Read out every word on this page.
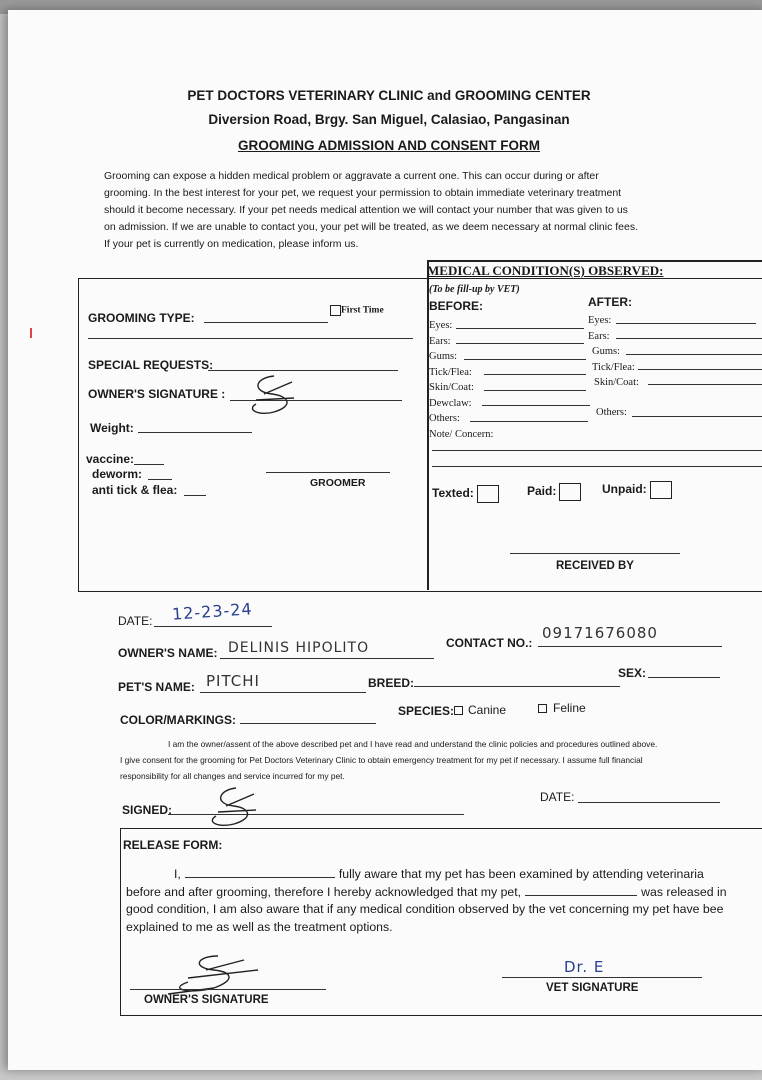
PET DOCTORS VETERINARY CLINIC and GROOMING CENTER
Diversion Road, Brgy. San Miguel, Calasiao, Pangasinan
GROOMING ADMISSION AND CONSENT FORM
Grooming can expose a hidden medical problem or aggravate a current one. This can occur during or after
grooming. In the best interest for your pet, we request your permission to obtain immediate veterinary treatment
should it become necessary. If your pet needs medical attention we will contact your number that was given to us
on admission. If we are unable to contact you, your pet will be treated, as we deem necessary at normal clinic fees.
If your pet is currently on medication, please inform us.
GROOMING TYPE:
First Time
SPECIAL REQUESTS:
OWNER'S SIGNATURE :
Weight:
vaccine:
deworm:
anti tick & flea:	GROOMER
MEDICAL CONDITION(S) OBSERVED:
(To be fill-up by VET)
BEFORE:	AFTER:
Eyes:
Ears:
Gums:
Tick/Flea:
Skin/Coat:
Dewclaw:
Others:
Note/ Concern:
Eyes:
Ears:
Gums:
Tick/Flea:
Skin/Coat:
Others:
Texted:	Paid:	Unpaid:
RECEIVED BY
DATE: 12-23-24
OWNER'S NAME: DELINIS HIPOLITO	CONTACT NO.:
09171676080
PET'S NAME: PITCHI	BREED:
SEX:
COLOR/MARKINGS:
SPECIES:	Canine	Feline
I am the owner/assent of the above described pet and I have read and understand the clinic policies and procedures outlined above.
I give consent for the grooming for Pet Doctors Veterinary Clinic to obtain emergency treatment for my pet if necessary. I assume full financial
responsibility for all changes and service incurred for my pet.
SIGNED:
DATE:
RELEASE FORM:
I,	fully aware that my pet has been examined by attending veterinaria
before and after grooming, therefore I hereby acknowledged that my pet,	was released in
good condition, I am also aware that if any medical condition observed by the vet concerning my pet have bee
explained to me as well as the treatment options.
OWNER'S SIGNATURE
Dr. E
VET SIGNATURE
